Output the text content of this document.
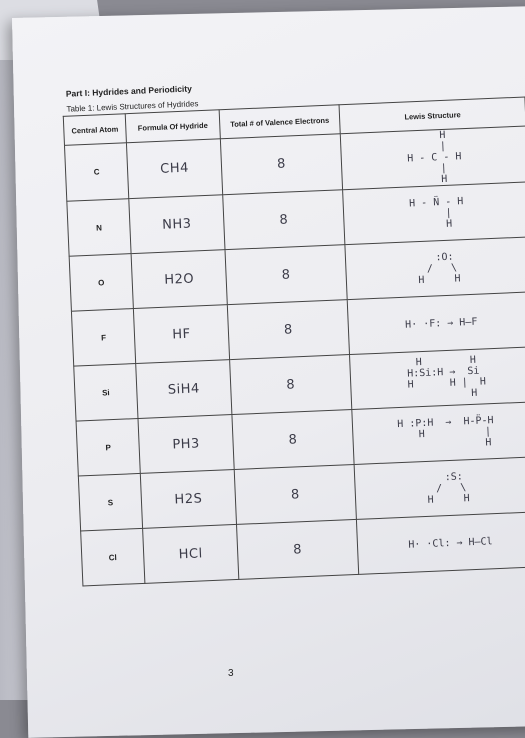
Part I: Hydrides and Periodicity
Table 1: Lewis Structures of Hydrides
Central Atom	Formula Of Hydride	Total # of Valence Electrons	Lewis Structure
C	CH4	8	H
|
H - C - H
|
H
N	NH3	8	H - N̈ - H
|
H
O	H2O	8	:O:
/   \
H     H
F	HF	8	H· ·F: → H—F
Si	SiH4	8	H        H
H:Si:H →  Si
H      H |  H
H
P	PH3	8	H :P:H  →  H-P̈-H
H          |
H
S	H2S	8	:S:
/   \
H     H
Cl	HCl	8	H· ·Cl: → H—Cl
3
